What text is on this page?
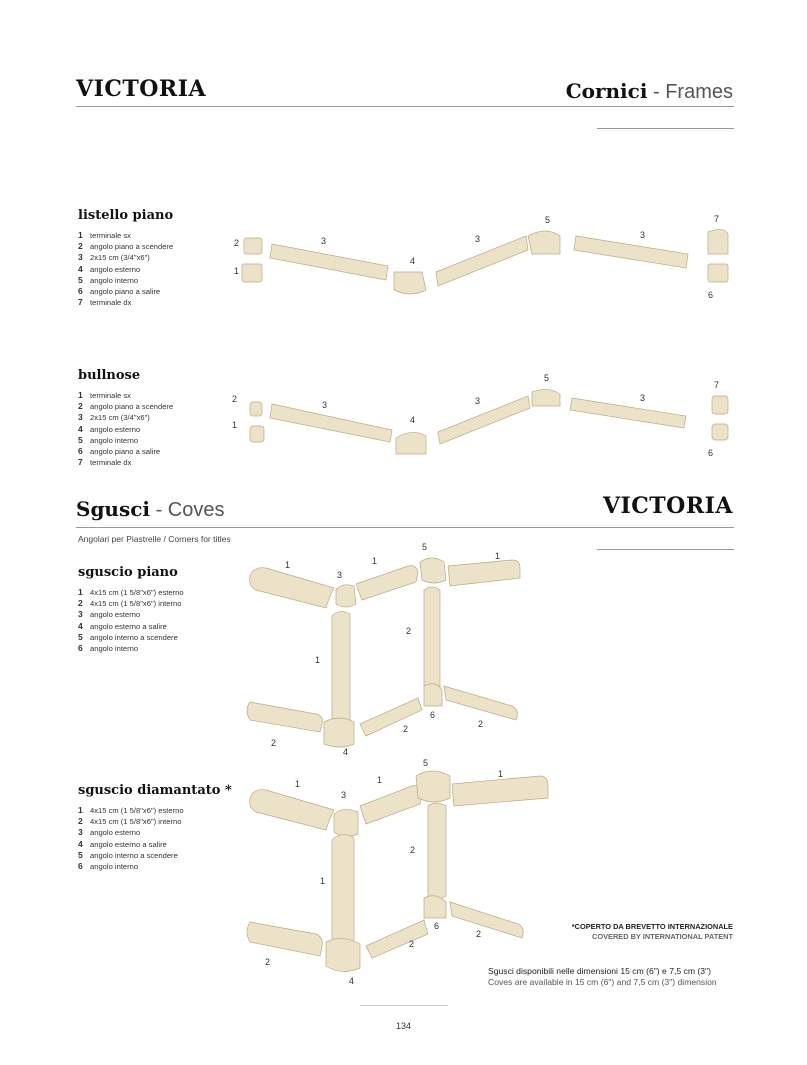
VICTORIA	Cornici - Frames
listello piano
1 terminale sx
2 angolo piano a scendere
3 2x15 cm (3/4"x6")
4 angolo esterno
5 angolo interno
6 angolo piano a salire
7 terminale dx
2
1
3
4
3
5
3
7
6
bullnose
1 terminale sx
2 angolo piano a scendere
3 2x15 cm (3/4"x6")
4 angolo esterno
5 angolo interno
6 angolo piano a salire
7 terminale dx
2
1
3
4
3
5
3
7
6
Sgusci - Coves	VICTORIA
Angolari per Piastrelle / Corners for titles
sguscio piano
1 4x15 cm (1 5/8"x6") esterno
2 4x15 cm (1 5/8"x6") interno
3 angolo esterno
4 angolo esterno a salire
5 angolo interno a scendere
6 angolo interno
1
3
1
5
1
1
2
6
2	2
2
4
sguscio diamantato *
1 4x15 cm (1 5/8"x6") esterno
2 4x15 cm (1 5/8"x6") interno
3 angolo esterno
4 angolo esterno a salire
5 angolo interno a scendere
6 angolo interno
1
3
1
5
1
1
2
6
2
2
2
4
*COPERTO DA BREVETTO INTERNAZIONALE
COVERED BY INTERNATIONAL PATENT
Sgusci disponibili nelle dimensioni 15 cm (6") e 7,5 cm (3")
Coves are available in 15 cm (6") and 7,5 cm (3") dimension
134
